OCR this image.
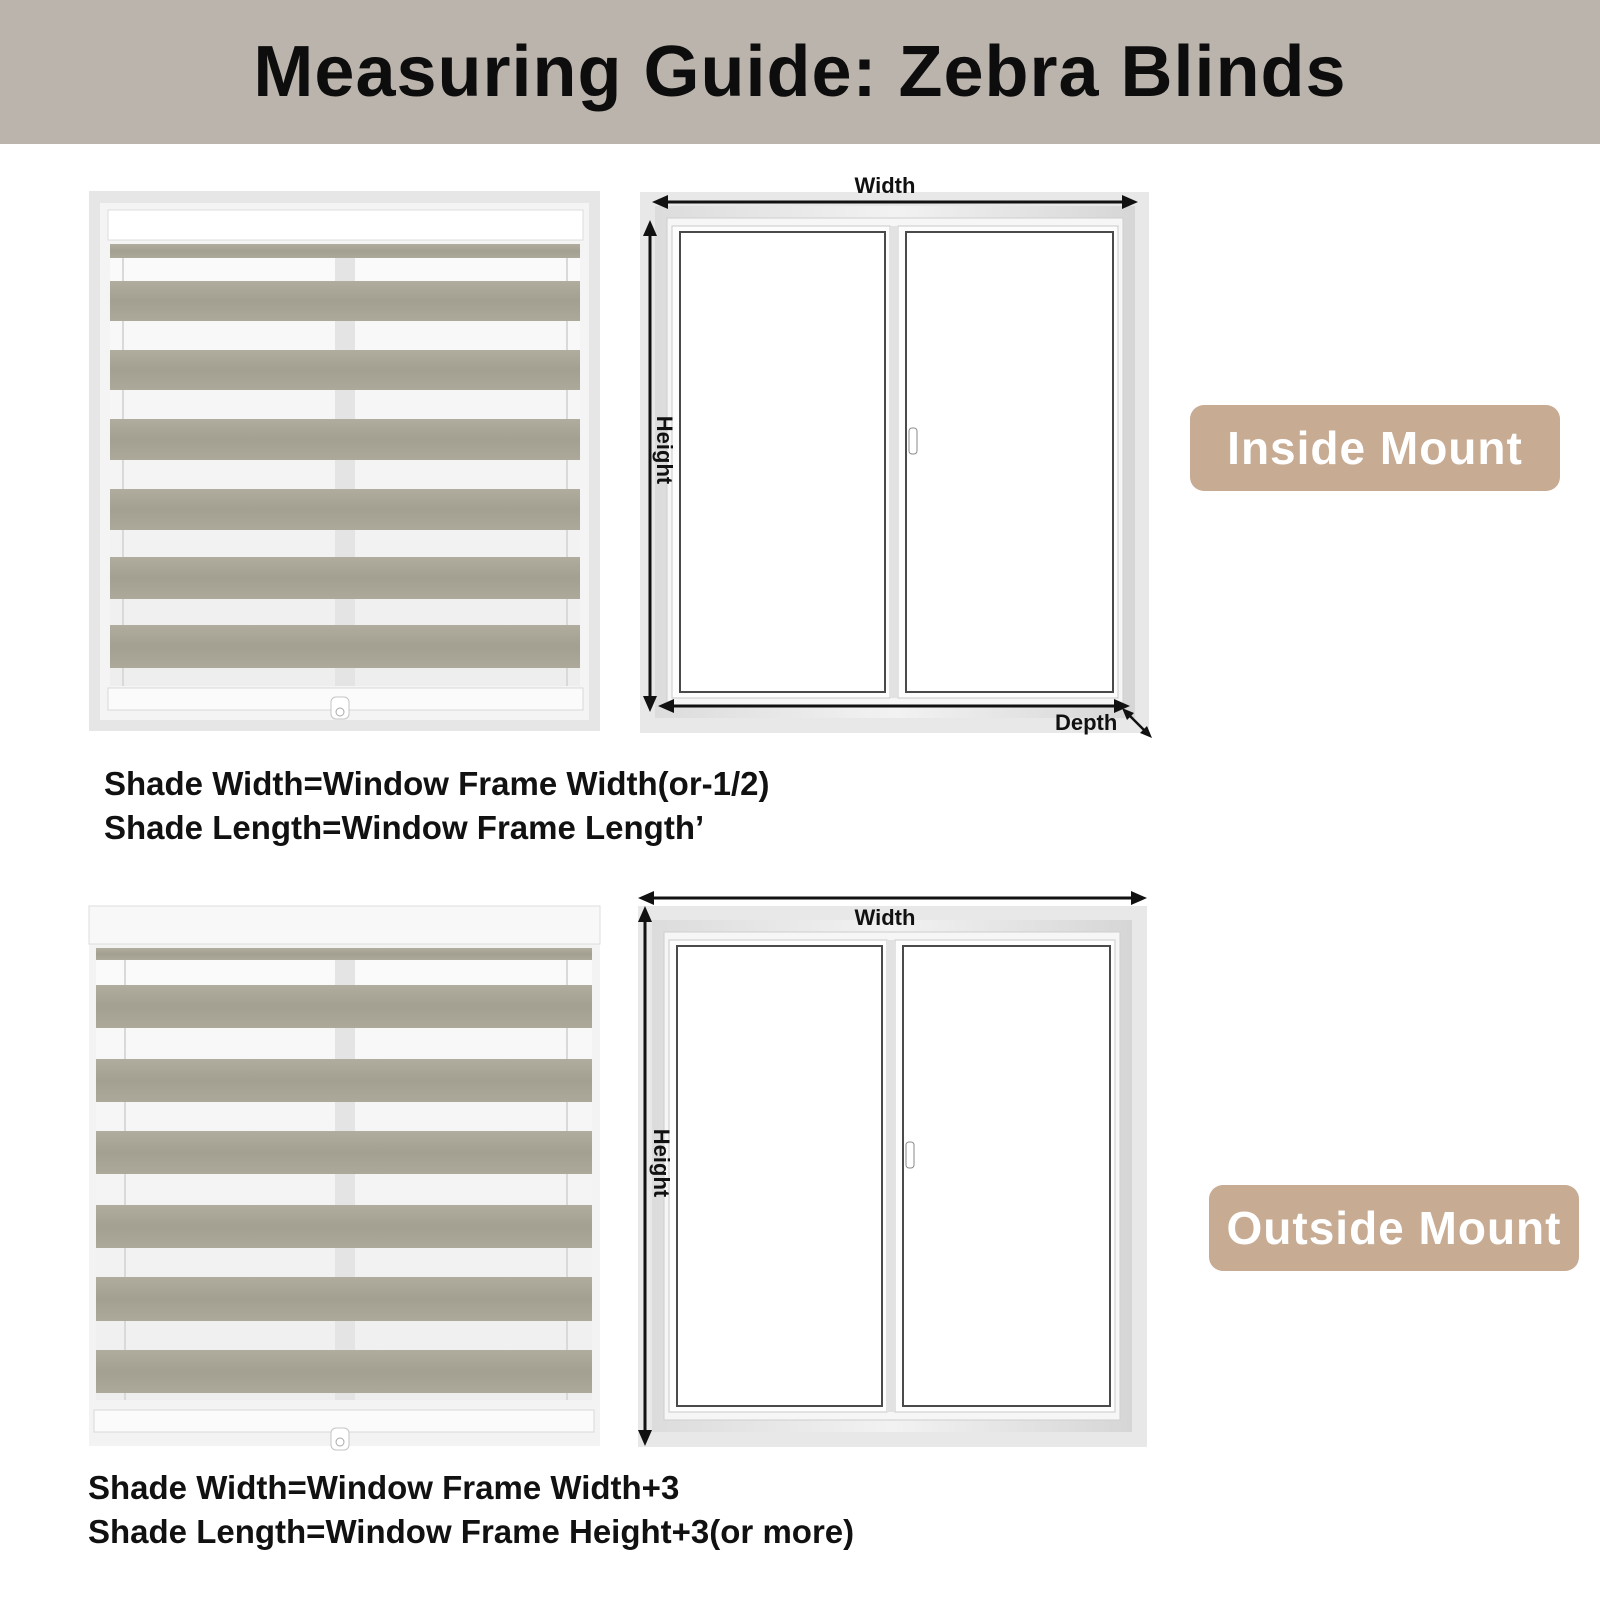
Measuring Guide: Zebra Blinds
Width
Height
Depth
Width
Height
Inside Mount
Outside Mount
Shade Width=Window Frame Width(or-1/2)
Shade Length=Window Frame Length’
Shade Width=Window Frame Width+3
Shade Length=Window Frame Height+3(or more)
